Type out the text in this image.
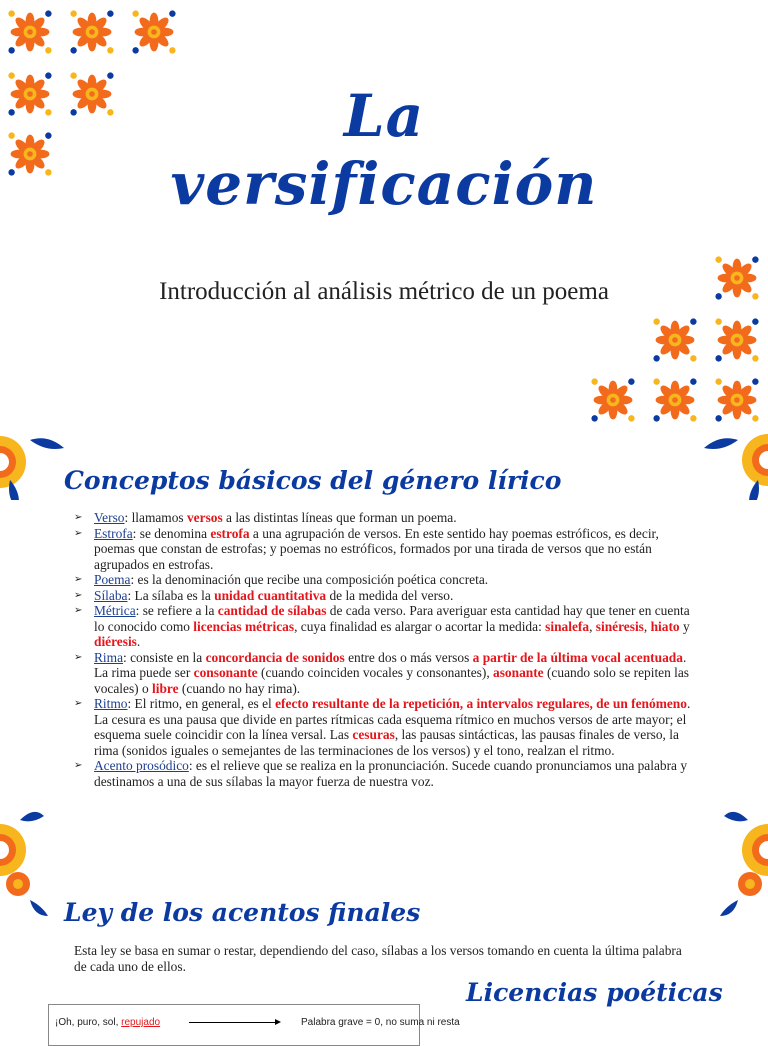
La
versificación
Introducción al análisis métrico de un poema
Conceptos básicos del género lírico
➢ Verso: llamamos versos a las distintas líneas que forman un poema.
➢ Estrofa: se denomina estrofa a una agrupación de versos. En este sentido hay poemas estróficos, es decir, poemas que constan de estrofas; y poemas no estróficos, formados por una tirada de versos que no están agrupados en estrofas.
➢ Poema: es la denominación que recibe una composición poética concreta.
➢ Sílaba: La sílaba es la unidad cuantitativa de la medida del verso.
➢ Métrica: se refiere a la cantidad de sílabas de cada verso. Para averiguar esta cantidad hay que tener en cuenta lo conocido como licencias métricas, cuya finalidad es alargar o acortar la medida: sinalefa, sinéresis, hiato y diéresis.
➢ Rima: consiste en la concordancia de sonidos entre dos o más versos a partir de la última vocal acentuada. La rima puede ser consonante (cuando coinciden vocales y consonantes), asonante (cuando solo se repiten las vocales) o libre (cuando no hay rima).
➢ Ritmo: El ritmo, en general, es el efecto resultante de la repetición, a intervalos regulares, de un fenómeno. La cesura es una pausa que divide en partes rítmicas cada esquema rítmico en muchos versos de arte mayor; el esquema suele coincidir con la línea versal. Las cesuras, las pausas sintácticas, las pausas finales de verso, la rima (sonidos iguales o semejantes de las terminaciones de los versos) y el tono, realzan el ritmo.
➢ Acento prosódico: es el relieve que se realiza en la pronunciación. Sucede cuando pronunciamos una palabra y destinamos a una de sus sílabas la mayor fuerza de nuestra voz.
Ley de los acentos finales
Esta ley se basa en sumar o restar, dependiendo del caso, sílabas a los versos tomando en cuenta la última palabra de cada uno de ellos.
Licencias poéticas
¡Oh, puro, sol, repujado	Palabra grave = 0, no suma ni resta
